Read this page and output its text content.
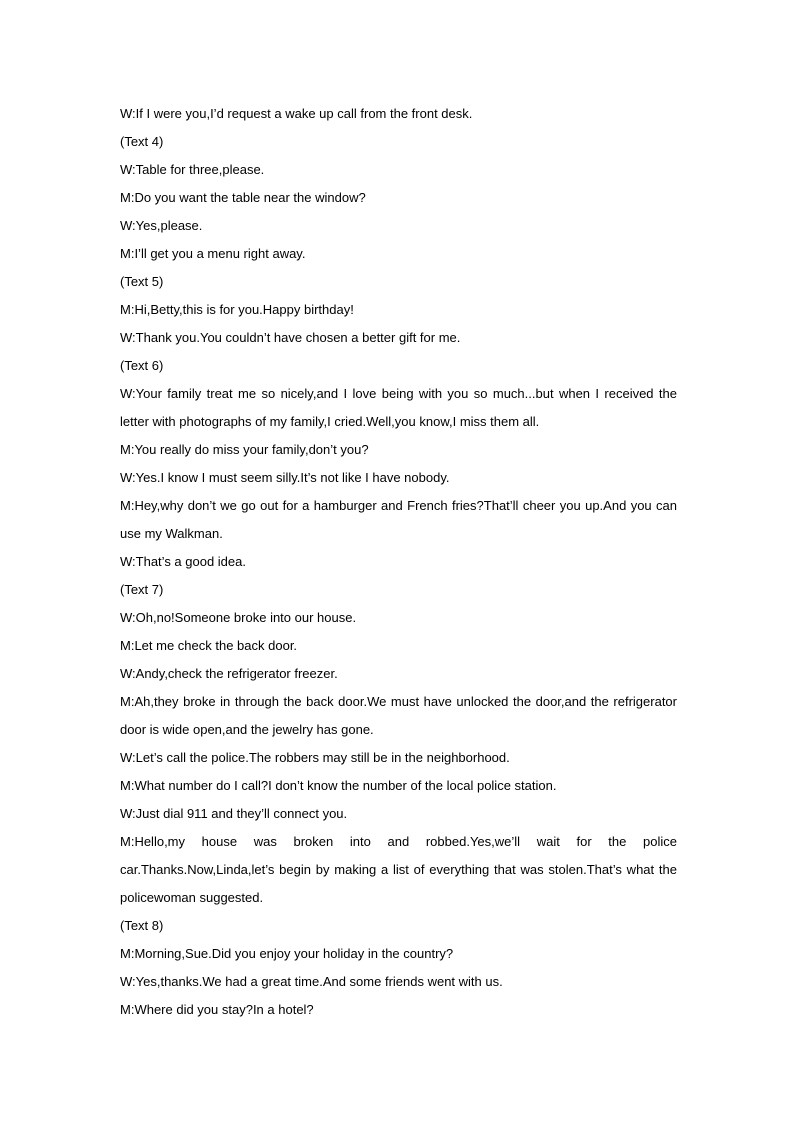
W:If I were you,I’d request a wake up call from the front desk.
(Text 4)
W:Table for three,please.
M:Do you want the table near the window?
W:Yes,please.
M:I’ll get you a menu right away.
(Text 5)
M:Hi,Betty,this is for you.Happy birthday!
W:Thank you.You couldn’t have chosen a better gift for me.
(Text 6)
W:Your family treat me so nicely,and I love being with you so much...but when I received the
letter with photographs of my family,I cried.Well,you know,I miss them all.
M:You really do miss your family,don’t you?
W:Yes.I know I must seem silly.It’s not like I have nobody.
M:Hey,why don’t we go out for a hamburger and French fries?That’ll cheer you up.And you can
use my Walkman.
W:That’s a good idea.
(Text 7)
W:Oh,no!Someone broke into our house.
M:Let me check the back door.
W:Andy,check the refrigerator freezer.
M:Ah,they broke in through the back door.We must have unlocked the door,and the refrigerator
door is wide open,and the jewelry has gone.
W:Let’s call the police.The robbers may still be in the neighborhood.
M:What number do I call?I don’t know the number of the local police station.
W:Just dial 911 and they’ll connect you.
M:Hello,my house was broken into and robbed.Yes,we’ll wait for the police
car.Thanks.Now,Linda,let’s begin by making a list of everything that was stolen.That’s what the
policewoman suggested.
(Text 8)
M:Morning,Sue.Did you enjoy your holiday in the country?
W:Yes,thanks.We had a great time.And some friends went with us.
M:Where did you stay?In a hotel?
